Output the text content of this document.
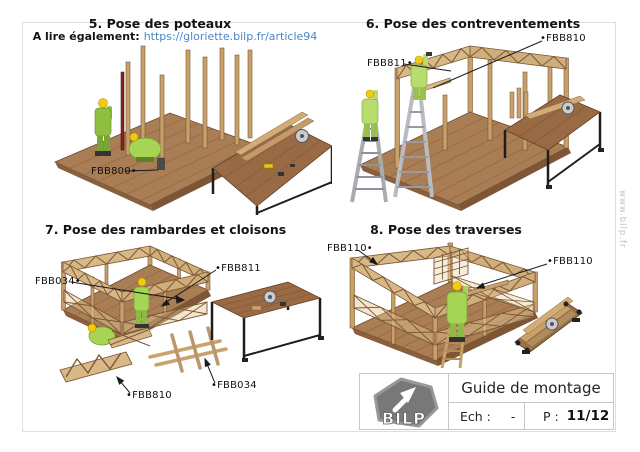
5. Pose des poteaux
A lire également: https://gloriette.bilp.fr/article94
6. Pose des contreventements
7. Pose des rambardes et cloisons	8. Pose des traverses
FBB800•
FBB811•
•FBB810
FBB034•
•FBB811
•FBB810
•FBB034
FBB110•
•FBB110
www.bilp.fr
BILP
Guide de montage
Ech : - P : 11/12
